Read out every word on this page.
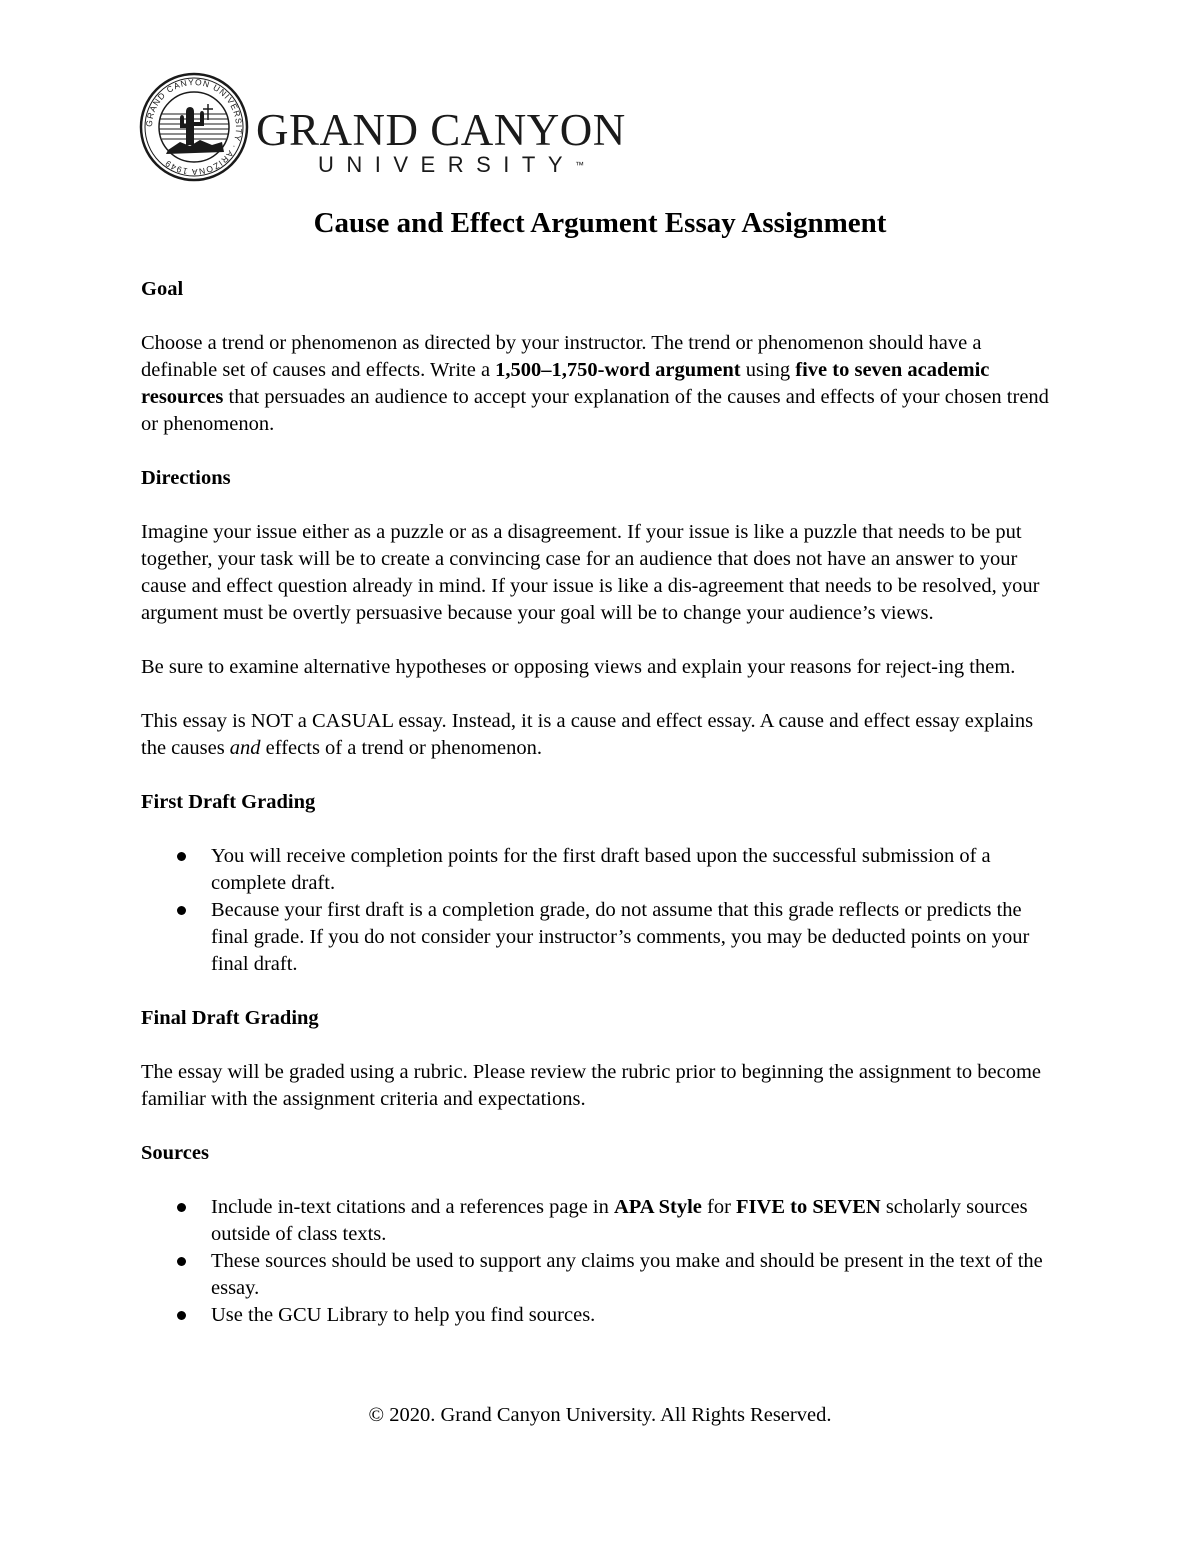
GRAND CANYON UNIVERSITY · ARIZONA 1949
GRAND CANYON
UNIVERSITY™
Cause and Effect Argument Essay Assignment
Goal

Choose a trend or phenomenon as directed by your instructor. The trend or phenomenon should have a definable set of causes and effects. Write a 1,500–1,750-word argument using five to seven academic resources that persuades an audience to accept your explanation of the causes and effects of your chosen trend or phenomenon.

Directions

Imagine your issue either as a puzzle or as a disagreement. If your issue is like a puzzle that needs to be put together, your task will be to create a convincing case for an audience that does not have an answer to your cause and effect question already in mind. If your issue is like a dis-agreement that needs to be resolved, your argument must be overtly persuasive because your goal will be to change your audience’s views.

Be sure to examine alternative hypotheses or opposing views and explain your reasons for reject-ing them.

This essay is NOT a CASUAL essay. Instead, it is a cause and effect essay. A cause and effect essay explains the causes and effects of a trend or phenomenon.

First Draft Grading
You will receive completion points for the first draft based upon the successful submission of a complete draft.
Because your first draft is a completion grade, do not assume that this grade reflects or predicts the final grade. If you do not consider your instructor’s comments, you may be deducted points on your final draft.
Final Draft Grading

The essay will be graded using a rubric. Please review the rubric prior to beginning the assignment to become familiar with the assignment criteria and expectations.

Sources
Include in-text citations and a references page in APA Style for FIVE to SEVEN scholarly sources outside of class texts.
These sources should be used to support any claims you make and should be present in the text of the essay.
Use the GCU Library to help you find sources.
© 2020. Grand Canyon University. All Rights Reserved.
